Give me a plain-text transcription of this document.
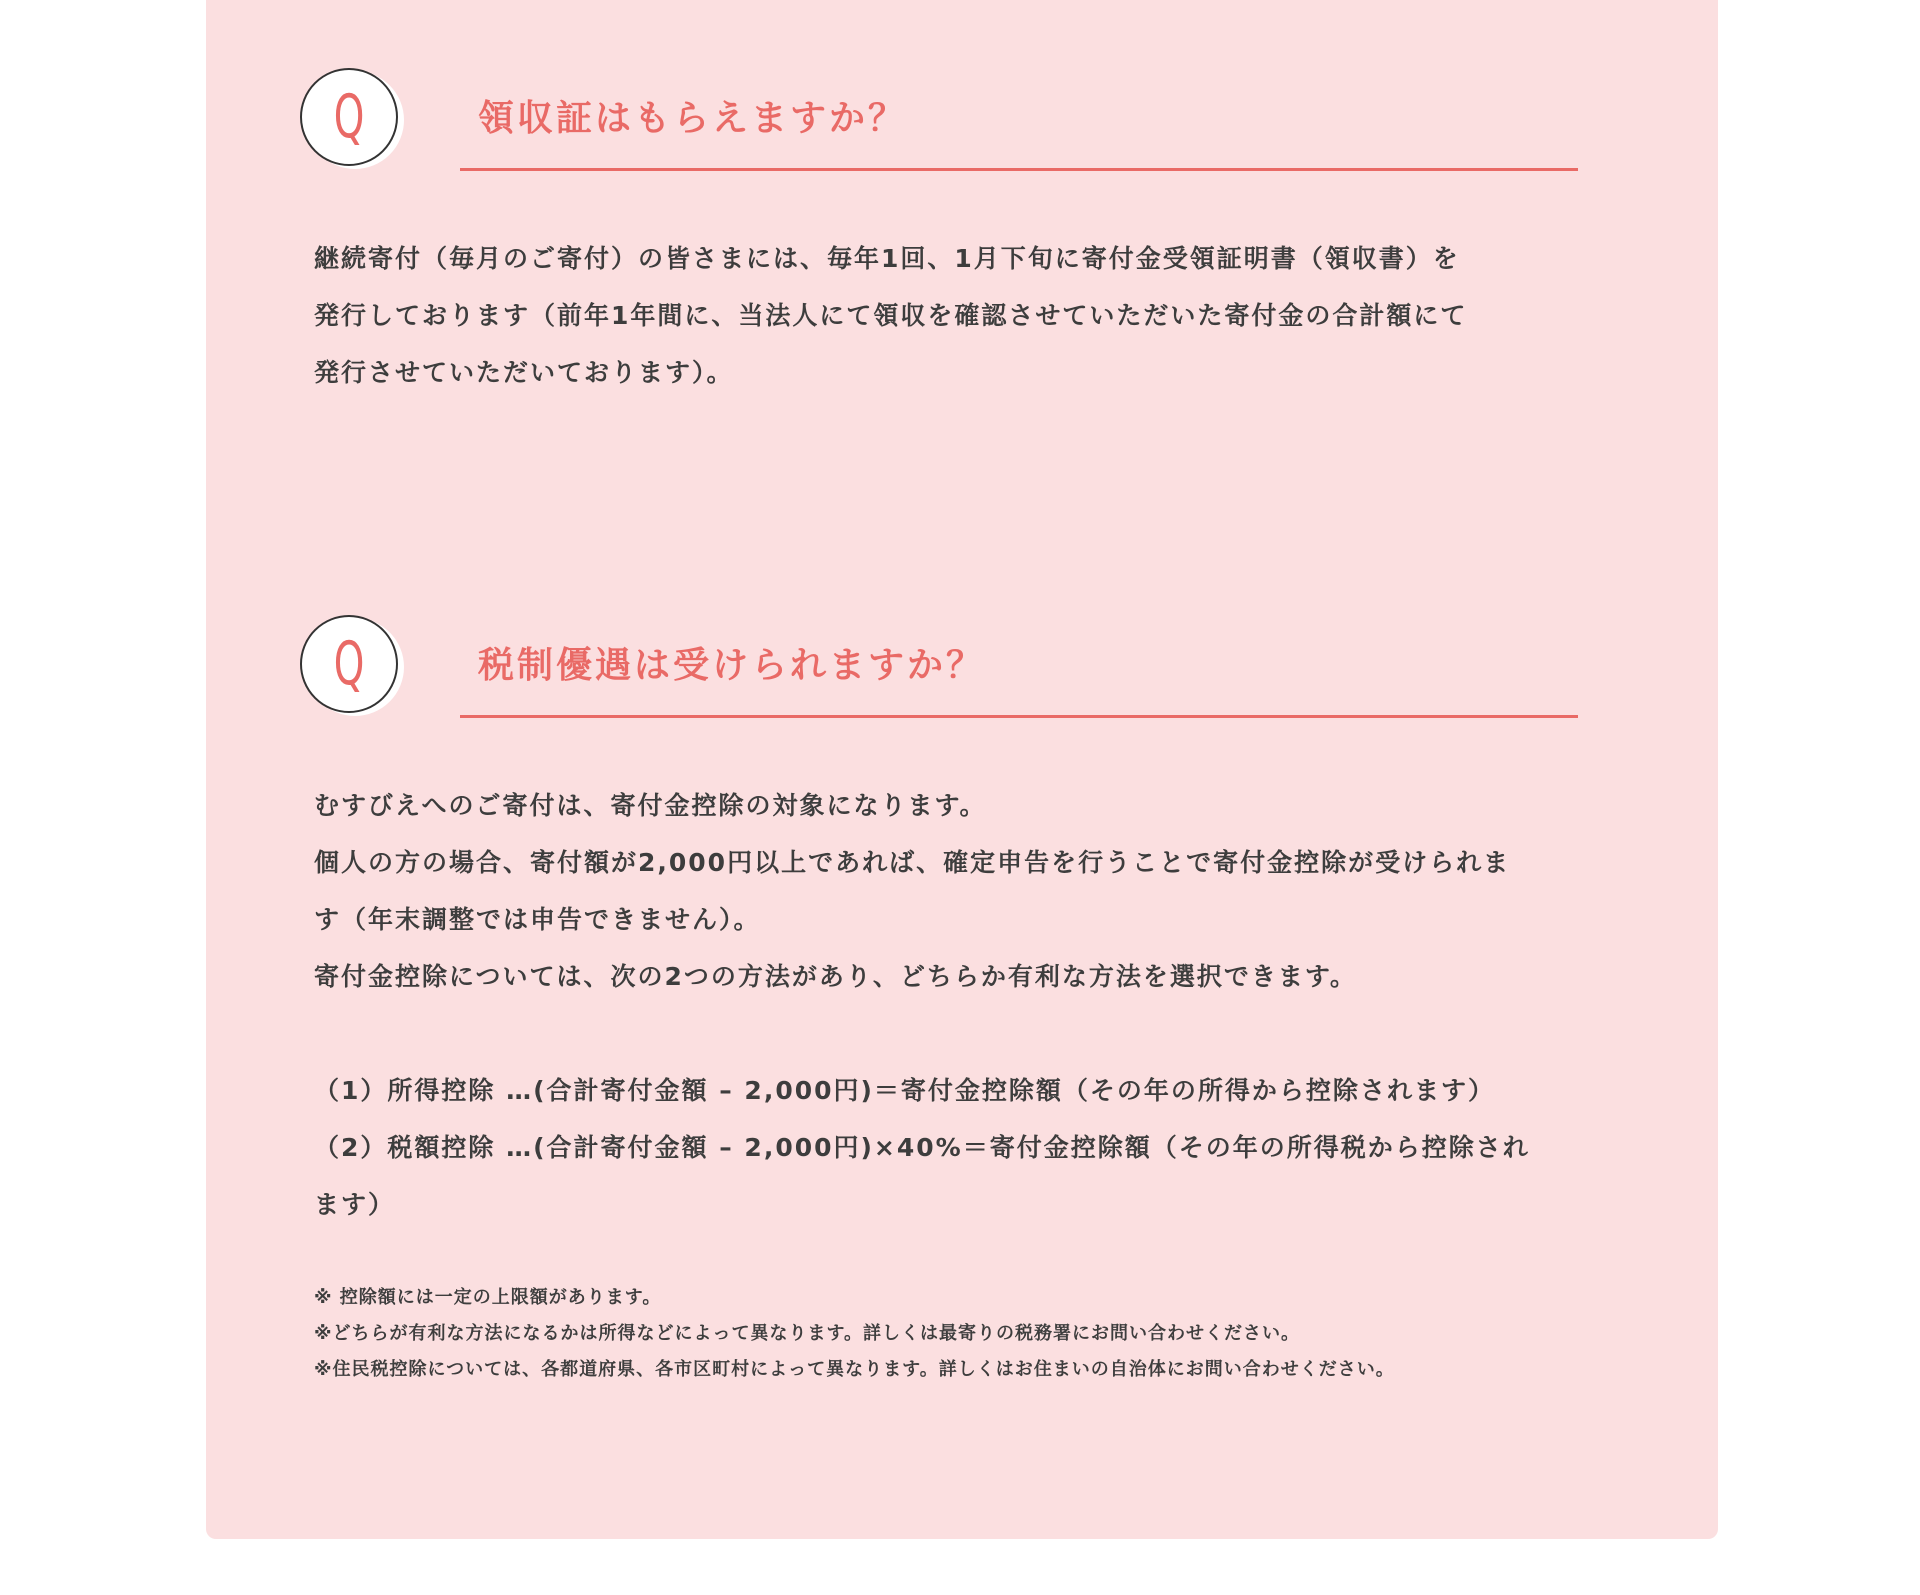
Q	領収証はもらえますか？
継続寄付（毎月のご寄付）の皆さまには、毎年1回、1月下旬に寄付金受領証明書（領収書）を
発行しております（前年1年間に、当法人にて領収を確認させていただいた寄付金の合計額にて
発行させていただいております）。
Q	税制優遇は受けられますか？
むすびえへのご寄付は、寄付金控除の対象になります。
個人の方の場合、寄付額が2,000円以上であれば、確定申告を行うことで寄付金控除が受けられま
す（年末調整では申告できません）。
寄付金控除については、次の2つの方法があり、どちらか有利な方法を選択できます。
（1）所得控除 …(合計寄付金額 – 2,000円)＝寄付金控除額（その年の所得から控除されます）
（2）税額控除 …(合計寄付金額 – 2,000円)×40%＝寄付金控除額（その年の所得税から控除され
ます）
※ 控除額には一定の上限額があります。
※どちらが有利な方法になるかは所得などによって異なります。詳しくは最寄りの税務署にお問い合わせください。
※住民税控除については、各都道府県、各市区町村によって異なります。詳しくはお住まいの自治体にお問い合わせください。
